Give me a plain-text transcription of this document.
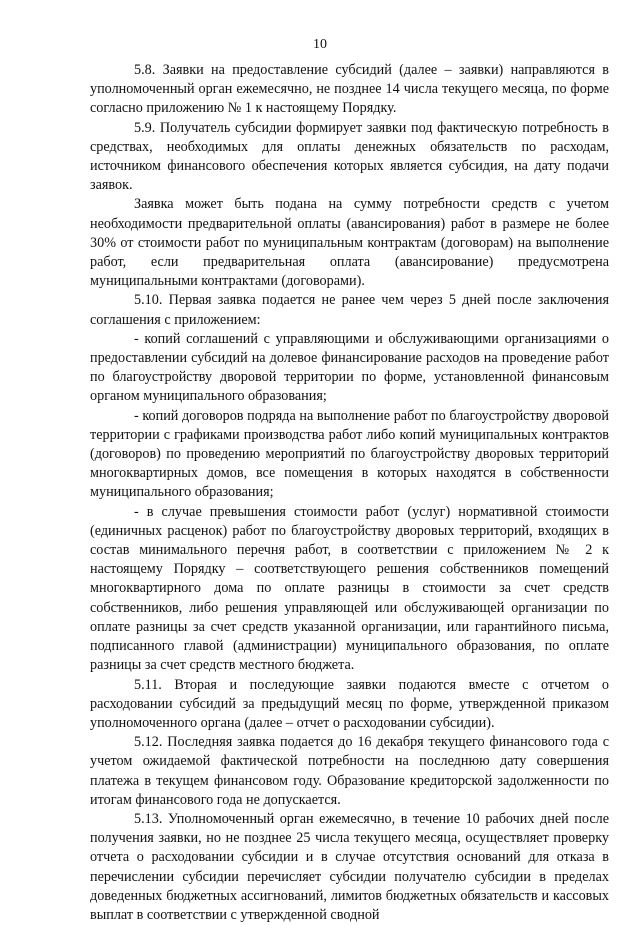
10

5.8. Заявки на предоставление субсидий (далее – заявки) направляются в уполномоченный орган ежемесячно, не позднее 14 числа текущего месяца, по форме согласно приложению № 1 к настоящему Порядку.

5.9. Получатель субсидии формирует заявки под фактическую потребность в средствах, необходимых для оплаты денежных обязательств по расходам, источником финансового обеспечения которых является субсидия, на дату подачи заявок.

Заявка может быть подана на сумму потребности средств с учетом необходимости предварительной оплаты (авансирования) работ в размере не более 30% от стоимости работ по муниципальным контрактам (договорам) на выполнение работ, если предварительная оплата (авансирование) предусмотрена муниципальными контрактами (договорами).

5.10. Первая заявка подается не ранее чем через 5 дней после заключения соглашения с приложением:

- копий соглашений с управляющими и обслуживающими организациями о предоставлении субсидий на долевое финансирование расходов на проведение работ по благоустройству дворовой территории по форме, установленной финансовым органом муниципального образования;

- копий договоров подряда на выполнение работ по благоустройству дворовой территории с графиками производства работ либо копий муниципальных контрактов (договоров) по проведению мероприятий по благоустройству дворовых территорий многоквартирных домов, все помещения в которых находятся в собственности муниципального образования;

- в случае превышения стоимости работ (услуг) нормативной стоимости (единичных расценок) работ по благоустройству дворовых территорий, входящих в состав минимального перечня работ, в соответствии с приложением № 2 к настоящему Порядку – соответствующего решения собственников помещений многоквартирного дома по оплате разницы в стоимости за счет средств собственников, либо решения управляющей или обслуживающей организации по оплате разницы за счет средств указанной организации, или гарантийного письма, подписанного главой (администрации) муниципального образования, по оплате разницы за счет средств местного бюджета.

5.11. Вторая и последующие заявки подаются вместе с отчетом о расходовании субсидий за предыдущий месяц по форме, утвержденной приказом уполномоченного органа (далее – отчет о расходовании субсидии).

5.12. Последняя заявка подается до 16 декабря текущего финансового года с учетом ожидаемой фактической потребности на последнюю дату совершения платежа в текущем финансовом году. Образование кредиторской задолженности по итогам финансового года не допускается.

5.13. Уполномоченный орган ежемесячно, в течение 10 рабочих дней после получения заявки, но не позднее 25 числа текущего месяца, осуществляет проверку отчета о расходовании субсидии и в случае отсутствия оснований для отказа в перечислении субсидии перечисляет субсидии получателю субсидии в пределах доведенных бюджетных ассигнований, лимитов бюджетных обязательств и кассовых выплат в соответствии с утвержденной сводной
